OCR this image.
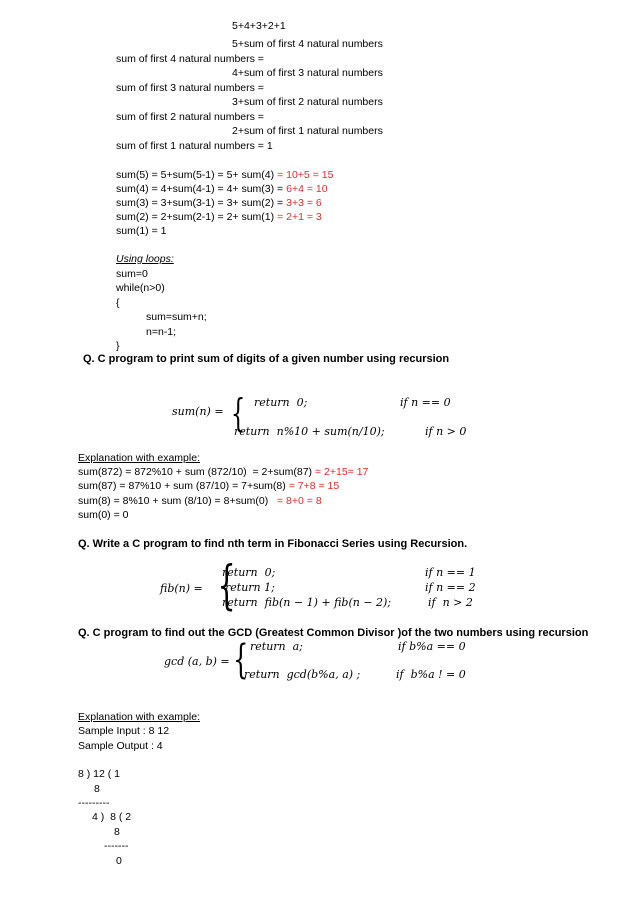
5+4+3+2+1
5+sum of first 4 natural numbers
sum of first 4 natural numbers =
4+sum of first 3 natural numbers
sum of first 3 natural numbers =
3+sum of first 2 natural numbers
sum of first 2 natural numbers =
2+sum of first 1 natural numbers
sum of first 1 natural numbers = 1
sum(5) = 5+sum(5-1) = 5+ sum(4) = 10+5 = 15
sum(4) = 4+sum(4-1) = 4+ sum(3) = 6+4 = 10
sum(3) = 3+sum(3-1) = 3+ sum(2) = 3+3 = 6
sum(2) = 2+sum(2-1) = 2+ sum(1) = 2+1 = 3
sum(1) = 1
Using loops:
sum=0
while(n>0)
{
sum=sum+n;
n=n-1;
}
Q. C program to print sum of digits of a given number using recursion
sum(n) = { return  0;	if n == 0
return  n%10 + sum(n/10);	if n > 0
Explanation with example:
sum(872) = 872%10 + sum (872/10)  = 2+sum(87) = 2+15= 17
sum(87) = 87%10 + sum (87/10) = 7+sum(8) = 7+8 = 15
sum(8) = 8%10 + sum (8/10) = 8+sum(0)   = 8+0 = 8
sum(0) = 0
Q. Write a C program to find nth term in Fibonacci Series using Recursion.
fib(n) = {
return  0;	if n == 1
return 1;	if n == 2
return  fib(n − 1) + fib(n − 2);	if  n > 2
Q. C program to find out the GCD (Greatest Common Divisor )of the two numbers using recursion
gcd (a, b) = { return  a;	if b%a == 0
return  gcd(b%a, a) ;	if  b%a ! = 0
Explanation with example:
Sample Input : 8 12
Sample Output : 4
8 ) 12 ( 1
8
---------
4 )  8 ( 2
8
-------
0
